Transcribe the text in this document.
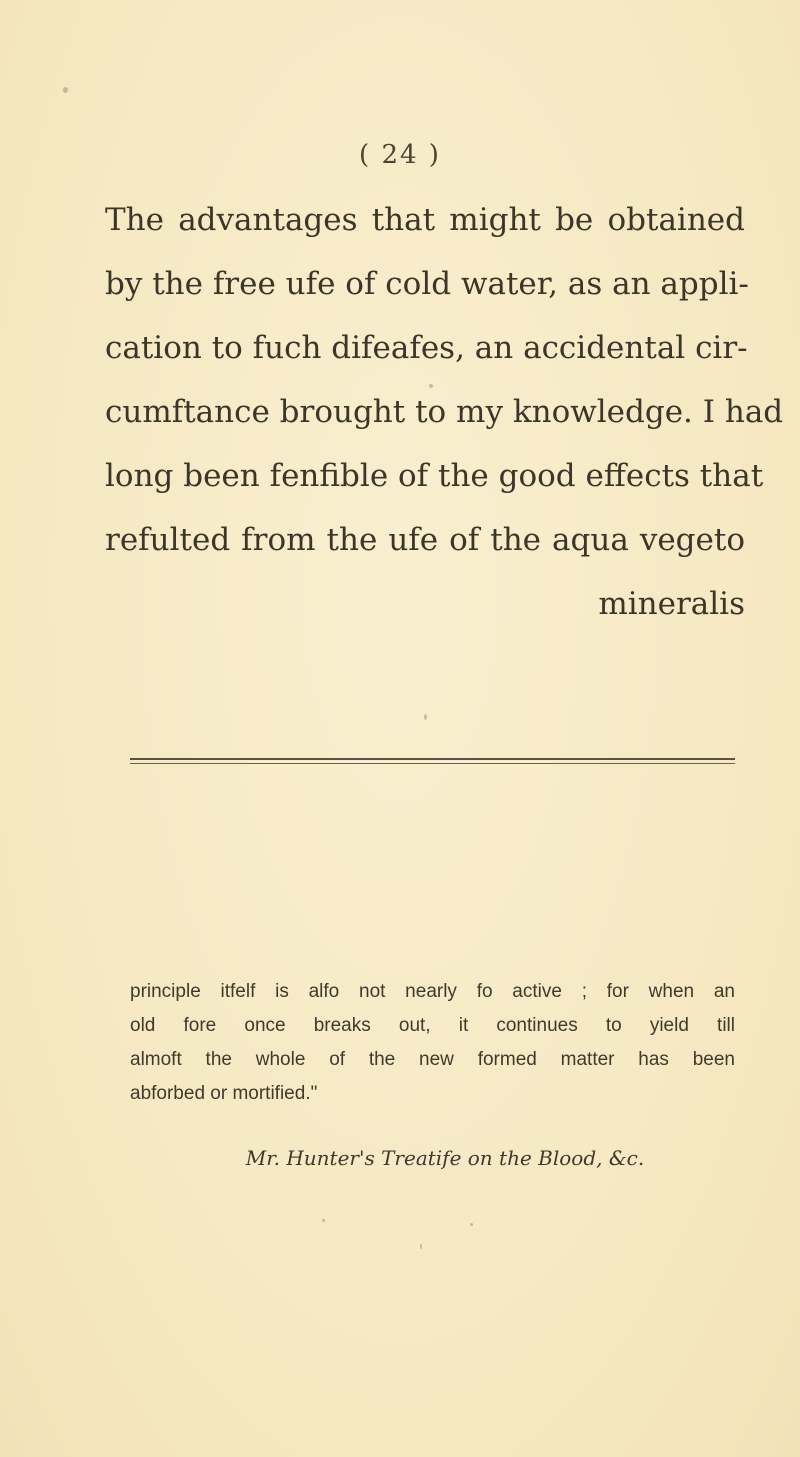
( 24 )

The advantages that might be obtained
by the free ufe of cold water, as an appli-
cation to fuch difeafes, an accidental cir-
cumftance brought to my knowledge. I had
long been fenfible of the good effects that
refulted from the ufe of the aqua vegeto
mineralis
principle itfelf is alfo not nearly fo active ; for when an
old fore once breaks out, it continues to yield till
almoft the whole of the new formed matter has been
abforbed or mortified."
Mr. Hunter's Treatife on the Blood, &c.
